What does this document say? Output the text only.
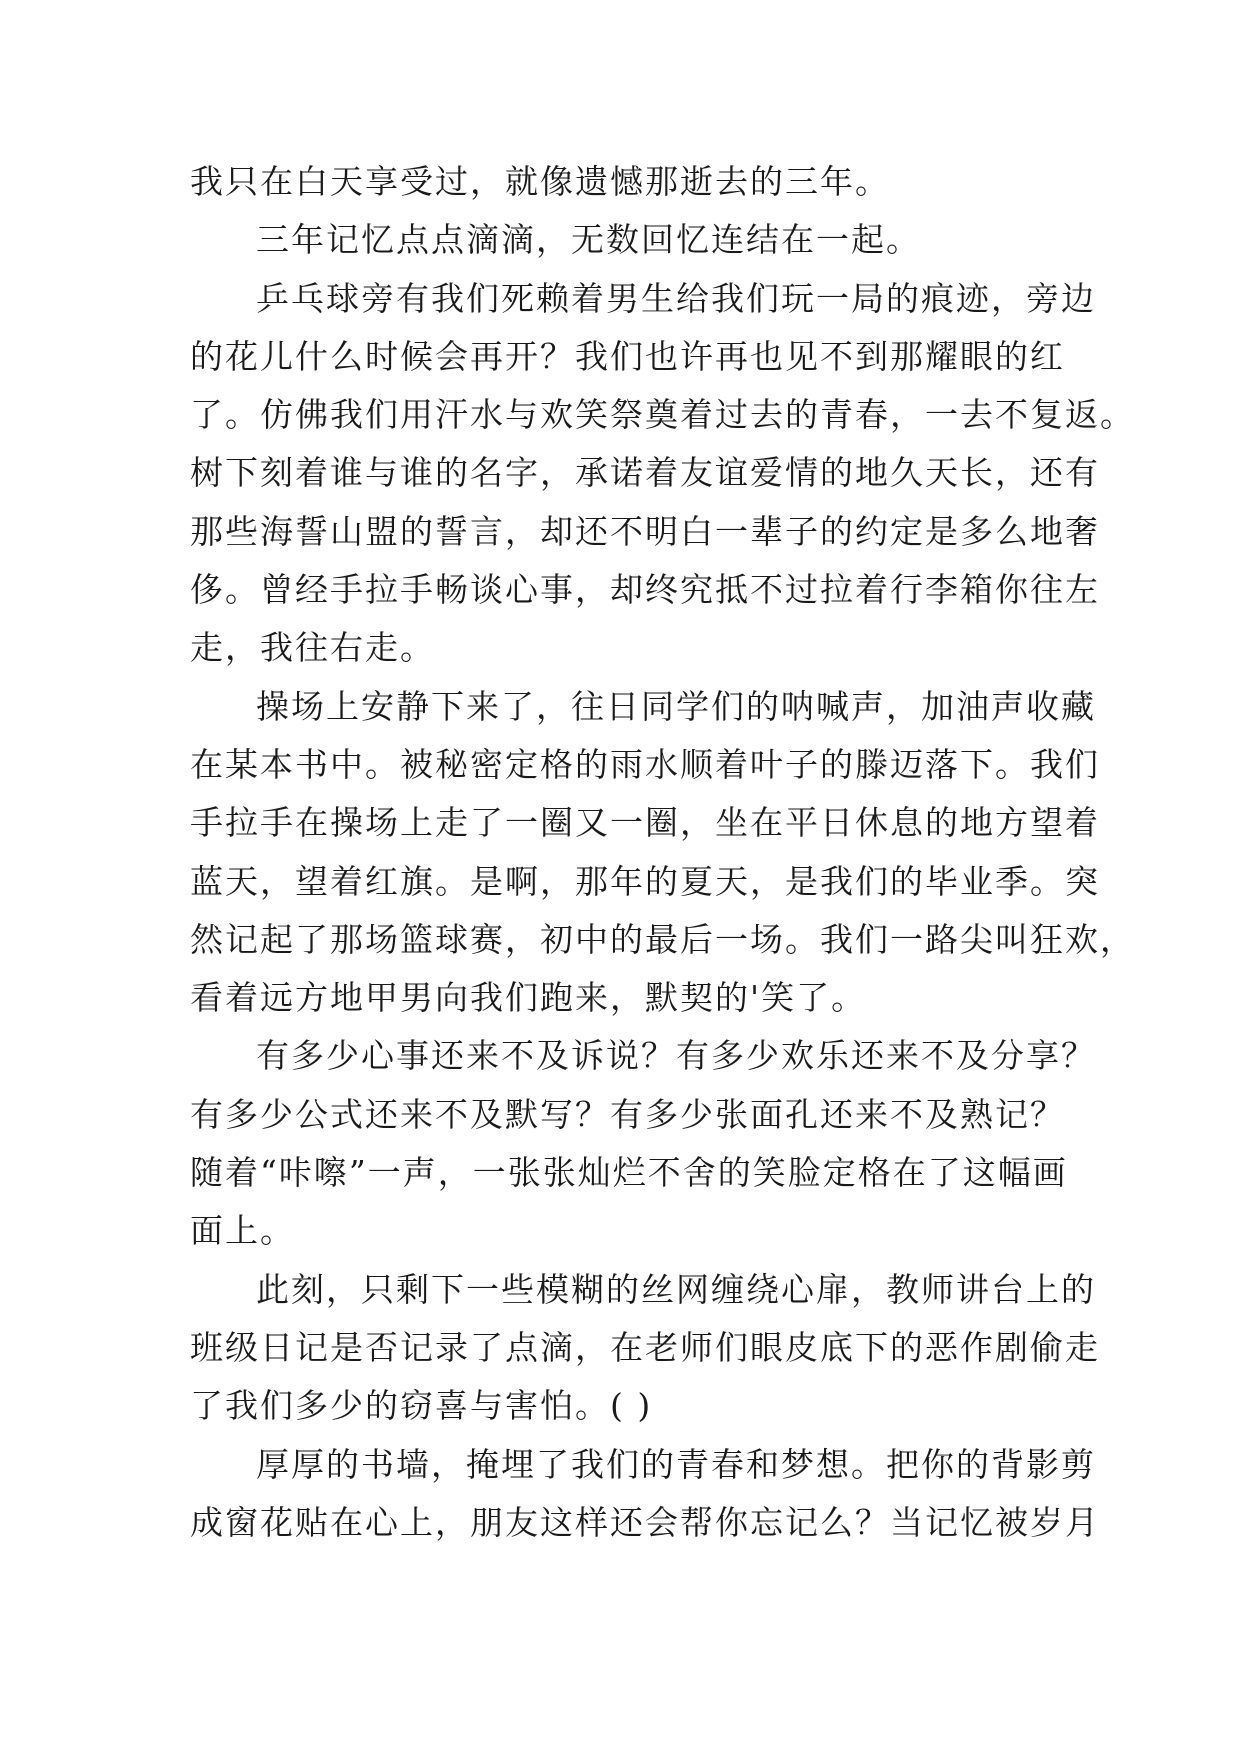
我只在白天享受过，就像遗憾那逝去的三年。
三年记忆点点滴滴，无数回忆连结在一起。
乒乓球旁有我们死赖着男生给我们玩一局的痕迹，旁边
的花儿什么时候会再开？我们也许再也见不到那耀眼的红
了。仿佛我们用汗水与欢笑祭奠着过去的青春，一去不复返。
树下刻着谁与谁的名字，承诺着友谊爱情的地久天长，还有
那些海誓山盟的誓言，却还不明白一辈子的约定是多么地奢
侈。曾经手拉手畅谈心事，却终究抵不过拉着行李箱你往左
走，我往右走。
操场上安静下来了，往日同学们的呐喊声，加油声收藏
在某本书中。被秘密定格的雨水顺着叶子的滕迈落下。我们
手拉手在操场上走了一圈又一圈，坐在平日休息的地方望着
蓝天，望着红旗。是啊，那年的夏天，是我们的毕业季。突
然记起了那场篮球赛，初中的最后一场。我们一路尖叫狂欢，
看着远方地甲男向我们跑来，默契的'笑了。
有多少心事还来不及诉说？有多少欢乐还来不及分享？
有多少公式还来不及默写？有多少张面孔还来不及熟记？
随着“咔嚓”一声，一张张灿烂不舍的笑脸定格在了这幅画
面上。
此刻，只剩下一些模糊的丝网缠绕心扉，教师讲台上的
班级日记是否记录了点滴，在老师们眼皮底下的恶作剧偷走
了我们多少的窃喜与害怕。( )
厚厚的书墙，掩埋了我们的青春和梦想。把你的背影剪
成窗花贴在心上，朋友这样还会帮你忘记么？当记忆被岁月
